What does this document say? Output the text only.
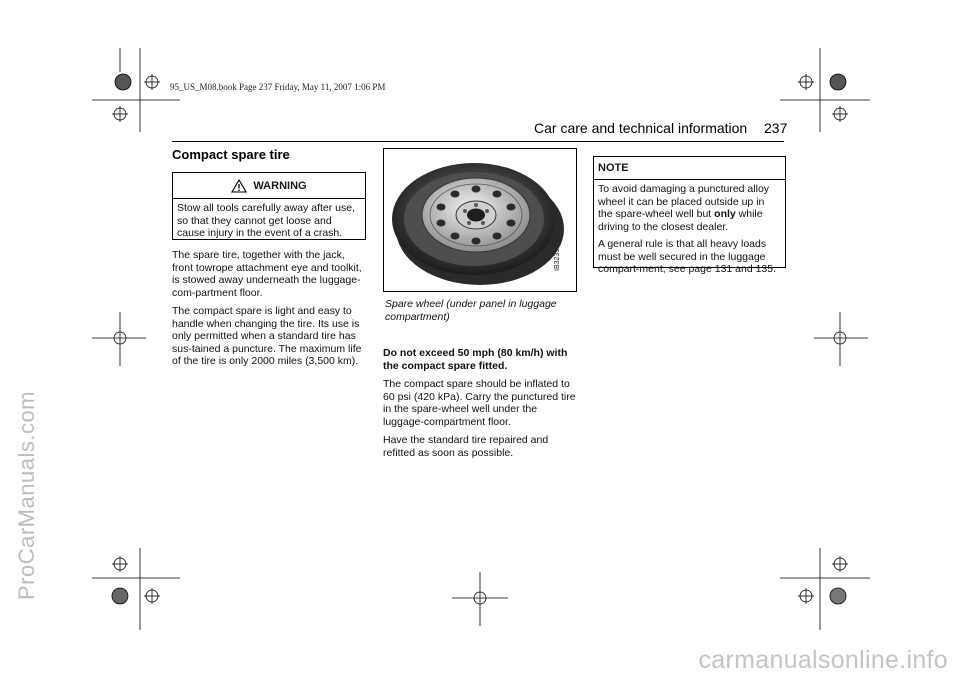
95_US_M08.book Page 237 Friday, May 11, 2007 1:06 PM
ProCarManuals.com
carmanualsonline.info
Car care and technical information 237
Compact spare tire
WARNING
Stow all tools carefully away after use, so that they cannot get loose and cause injury in the event of a crash.

The spare tire, together with the jack, front towrope attachment eye and toolkit, is stowed away underneath the luggage-com-partment floor.

The compact spare is light and easy to handle when changing the tire. Its use is only permitted when a standard tire has sus-tained a puncture. The maximum life of the tire is only 2000 miles (3,500 km).

IB3233
Spare wheel (under panel in luggage compartment)

Do not exceed 50 mph (80 km/h) with the compact spare fitted.

The compact spare should be inflated to 60 psi (420 kPa). Carry the punctured tire in the spare-wheel well under the luggage-compartment floor.

Have the standard tire repaired and refitted as soon as possible.

NOTE

To avoid damaging a punctured alloy wheel it can be placed outside up in the spare-wheel well but only while driving to the closest dealer.

A general rule is that all heavy loads must be well secured in the luggage compart-ment, see page 131 and 135.
